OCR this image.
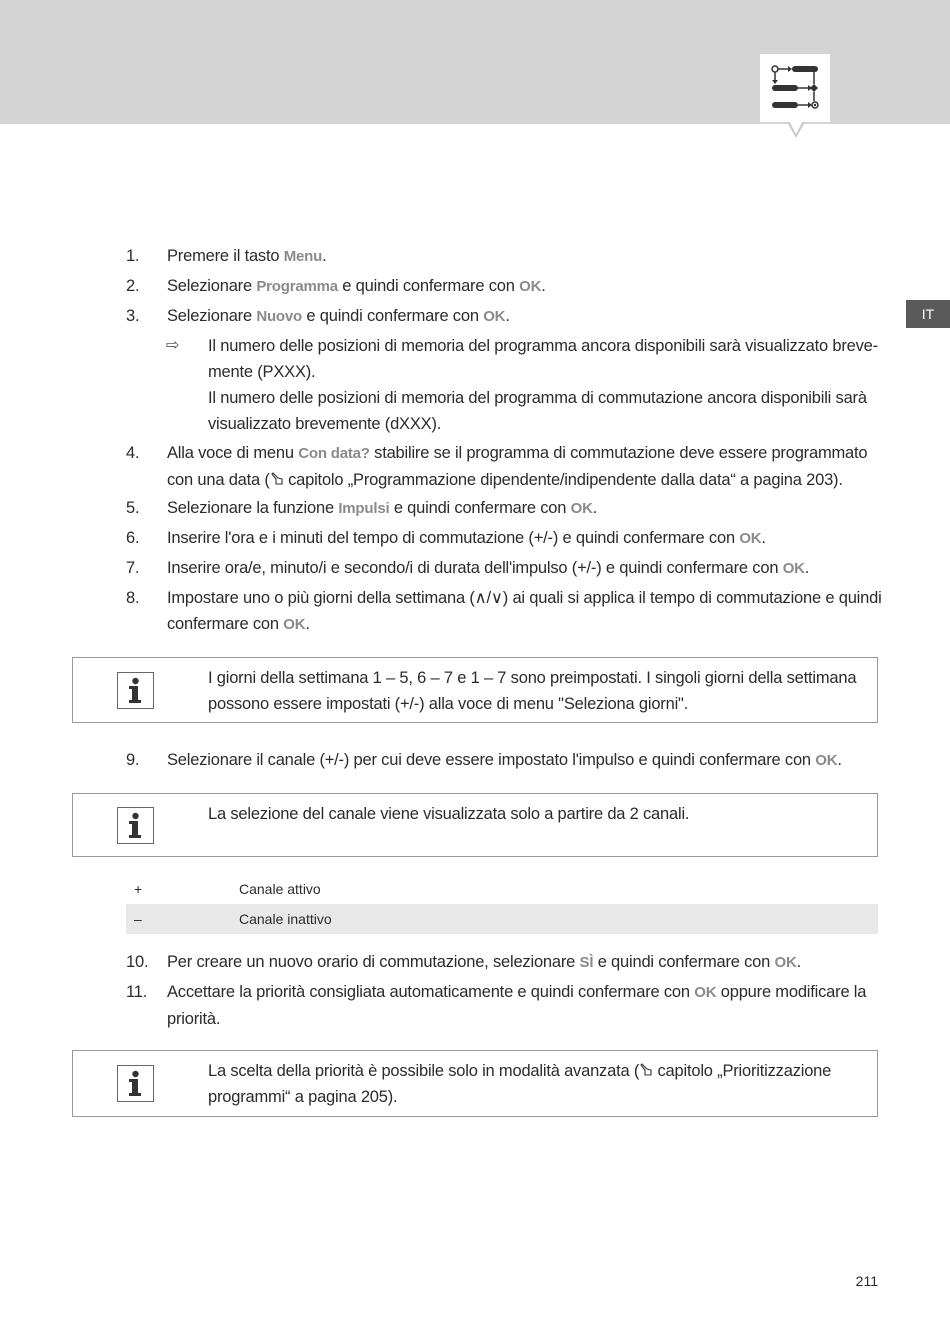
IT
1.	Premere il tasto Menu.
2.	Selezionare Programma e quindi confermare con OK.
3.	Selezionare Nuovo e quindi confermare con OK.
⇨	Il numero delle posizioni di memoria del programma ancora disponibili sarà visualizzato breve-
mente (PXXX).
Il numero delle posizioni di memoria del programma di commutazione ancora disponibili sarà
visualizzato brevemente (dXXX).
4.	Alla voce di menu Con data? stabilire se il programma di commutazione deve essere programmato
con una data ( capitolo „Programmazione dipendente/indipendente dalla data“ a pagina 203).
5.	Selezionare la funzione Impulsi e quindi confermare con OK.
6.	Inserire l'ora e i minuti del tempo di commutazione (+/-) e quindi confermare con OK.
7.	Inserire ora/e, minuto/i e secondo/i di durata dell'impulso (+/-) e quindi confermare con OK.
8.	Impostare uno o più giorni della settimana (∧/∨) ai quali si applica il tempo di commutazione e quindi
confermare con OK.
I giorni della settimana 1 – 5, 6 – 7 e 1 – 7 sono preimpostati. I singoli giorni della settimana
possono essere impostati (+/-) alla voce di menu "Seleziona giorni".
9.	Selezionare il canale (+/-) per cui deve essere impostato l'impulso e quindi confermare con OK.
La selezione del canale viene visualizzata solo a partire da 2 canali.
+	Canale attivo
–	Canale inattivo
10.	Per creare un nuovo orario di commutazione, selezionare SÌ e quindi confermare con OK.
11.	Accettare la priorità consigliata automaticamente e quindi confermare con OK oppure modificare la
priorità.
La scelta della priorità è possibile solo in modalità avanzata ( capitolo „Prioritizzazione
programmi“ a pagina 205).
211
